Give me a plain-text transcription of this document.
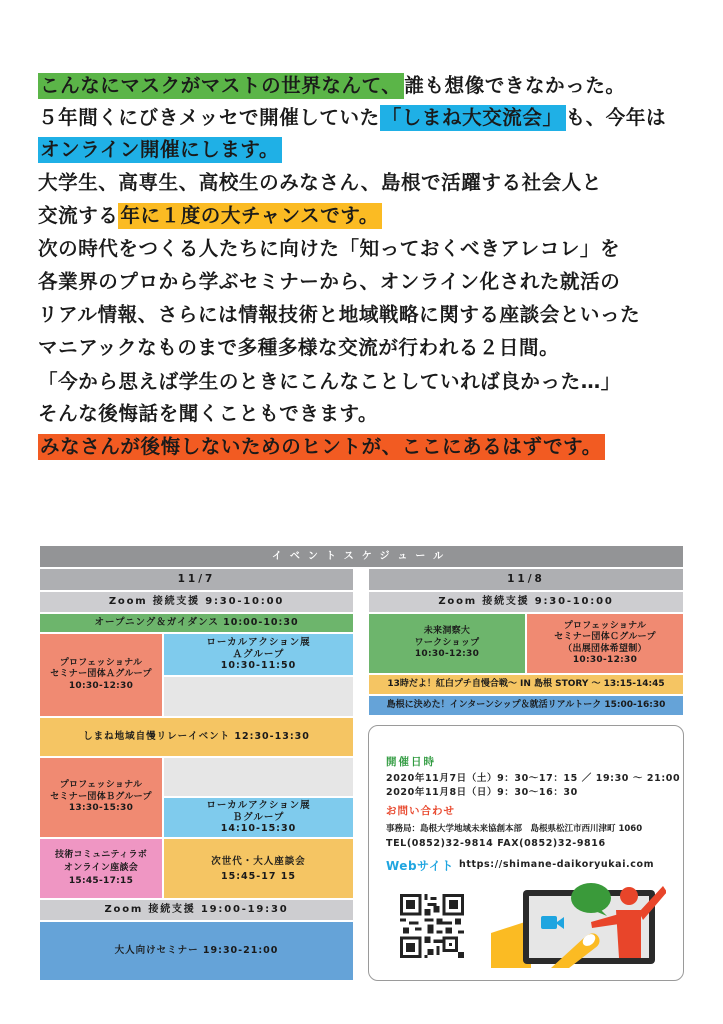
こんなにマスクがマストの世界なんて、 誰も想像できなかった。
５年間くにびきメッセで開催していた 「しまね大交流会」 も、今年は
オンライン開催にします。
大学生、高専生、高校生のみなさん、島根で活躍する社会人と
交流する 年に１度の大チャンスです。
次の時代をつくる人たちに向けた「知っておくべきアレコレ」を
各業界のプロから学ぶセミナーから、オンライン化された就活の
リアル情報、さらには情報技術と地域戦略に関する座談会といった
マニアックなものまで多種多様な交流が行われる２日間。
「今から思えば学生のときにこんなことしていれば良かった…」
そんな後悔話を聞くこともできます。
みなさんが後悔しないためのヒントが、ここにあるはずです。
イベントスケジュール
11/7
Zoom 接続支援 9:30-10:00
オープニング＆ガイダンス 10:00-10:30
プロフェッショナル
セミナー団体Ａグループ
10:30-12:30
ローカルアクション展
Ａグループ
10:30-11:50
しまね地域自慢リレーイベント 12:30-13:30
プロフェッショナル
セミナー団体Ｂグループ
13:30-15:30	ローカルアクション展
Ｂグループ
14:10-15:30
技術コミュニティラボ
オンライン座談会
15:45-17:15
次世代・大人座談会
15:45-17 15
Zoom 接続支援 19:00-19:30
大人向けセミナー 19:30-21:00
11/8
Zoom 接続支援 9:30-10:00
未来洞察大
ワークショップ
10:30-12:30
プロフェッショナル
セミナー団体Ｃグループ
（出展団体希望制）
10:30-12:30
13時だよ！紅白プチ自慢合戦～ IN 島根 STORY ～ 13:15-14:45
島根に決めた！インターンシップ＆就活リアルトーク 15:00-16:30
開催日時
2020年11月7日（土）9：30～17：15 ／ 19:30 ～ 21:00
2020年11月8日（日）9：30～16：30
お問い合わせ
事務局：島根大学地域未来協創本部　島根県松江市西川津町 1060
TEL(0852)32-9814 FAX(0852)32-9816
Webサイト https://shimane-daikoryukai.com
